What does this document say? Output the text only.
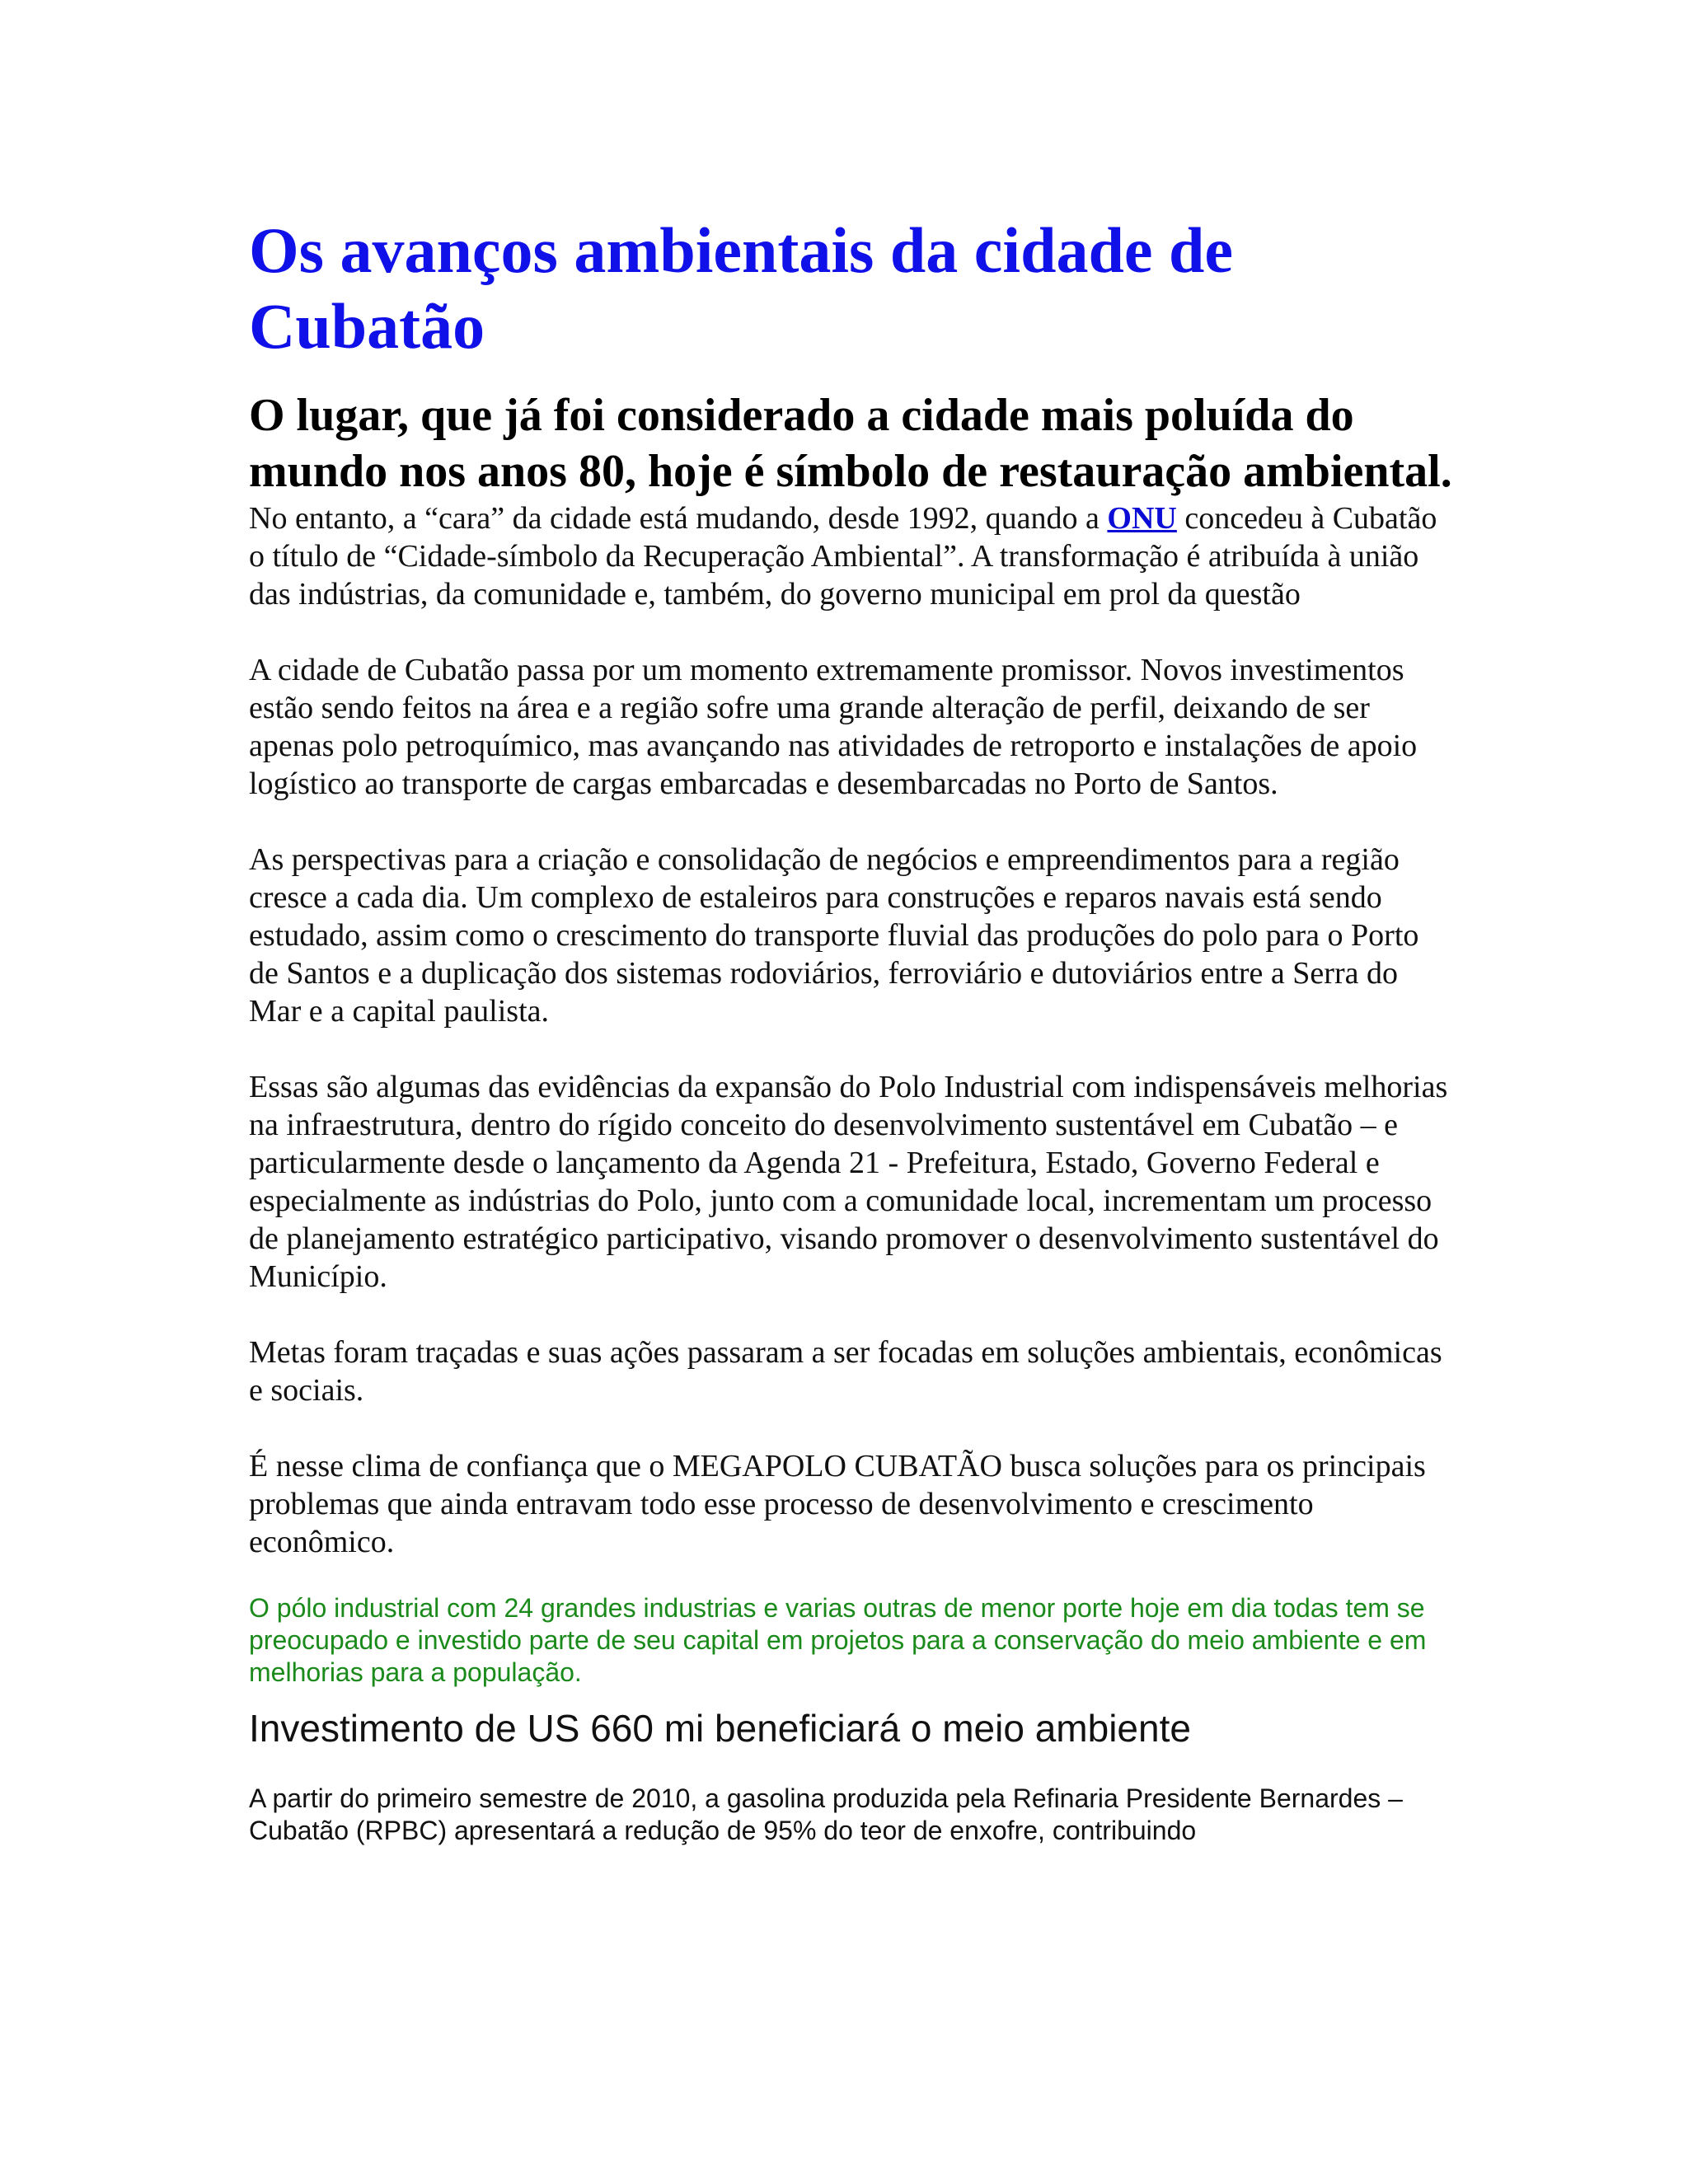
Os avanços ambientais da cidade de Cubatão
O lugar, que já foi considerado a cidade mais poluída do mundo nos anos 80, hoje é símbolo de restauração ambiental.

No entanto, a “cara” da cidade está mudando, desde 1992, quando a ONU concedeu à Cubatão o título de “Cidade-símbolo da Recuperação Ambiental”. A transformação é atribuída à união das indústrias, da comunidade e, também, do governo municipal em prol da questão

A cidade de Cubatão passa por um momento extremamente promissor. Novos investimentos estão sendo feitos na área e a região sofre uma grande alteração de perfil, deixando de ser apenas polo petroquímico, mas avançando nas atividades de retroporto e instalações de apoio logístico ao transporte de cargas embarcadas e desembarcadas no Porto de Santos.

As perspectivas para a criação e consolidação de negócios e empreendimentos para a região cresce a cada dia. Um complexo de estaleiros para construções e reparos navais está sendo estudado, assim como o crescimento do transporte fluvial das produções do polo para o Porto de Santos e a duplicação dos sistemas rodoviários, ferroviário e dutoviários entre a Serra do Mar e a capital paulista.

Essas são algumas das evidências da expansão do Polo Industrial com indispensáveis melhorias na infraestrutura, dentro do rígido conceito do desenvolvimento sustentável em Cubatão – e particularmente desde o lançamento da Agenda 21 - Prefeitura, Estado, Governo Federal e especialmente as indústrias do Polo, junto com a comunidade local, incrementam um processo de planejamento estratégico participativo, visando promover o desenvolvimento sustentável do Município.

Metas foram traçadas e suas ações passaram a ser focadas em soluções ambientais, econômicas e sociais.

É nesse clima de confiança que o MEGAPOLO CUBATÃO busca soluções para os principais problemas que ainda entravam todo esse processo de desenvolvimento e crescimento econômico.

O pólo industrial com 24 grandes industrias e varias outras de menor porte hoje em dia todas tem se preocupado e investido parte de seu capital em projetos para a conservação do meio ambiente e em melhorias para a população.

Investimento de US 660 mi beneficiará o meio ambiente

A partir do primeiro semestre de 2010, a gasolina produzida pela Refinaria Presidente Bernardes – Cubatão (RPBC) apresentará a redução de 95% do teor de enxofre, contribuindo
